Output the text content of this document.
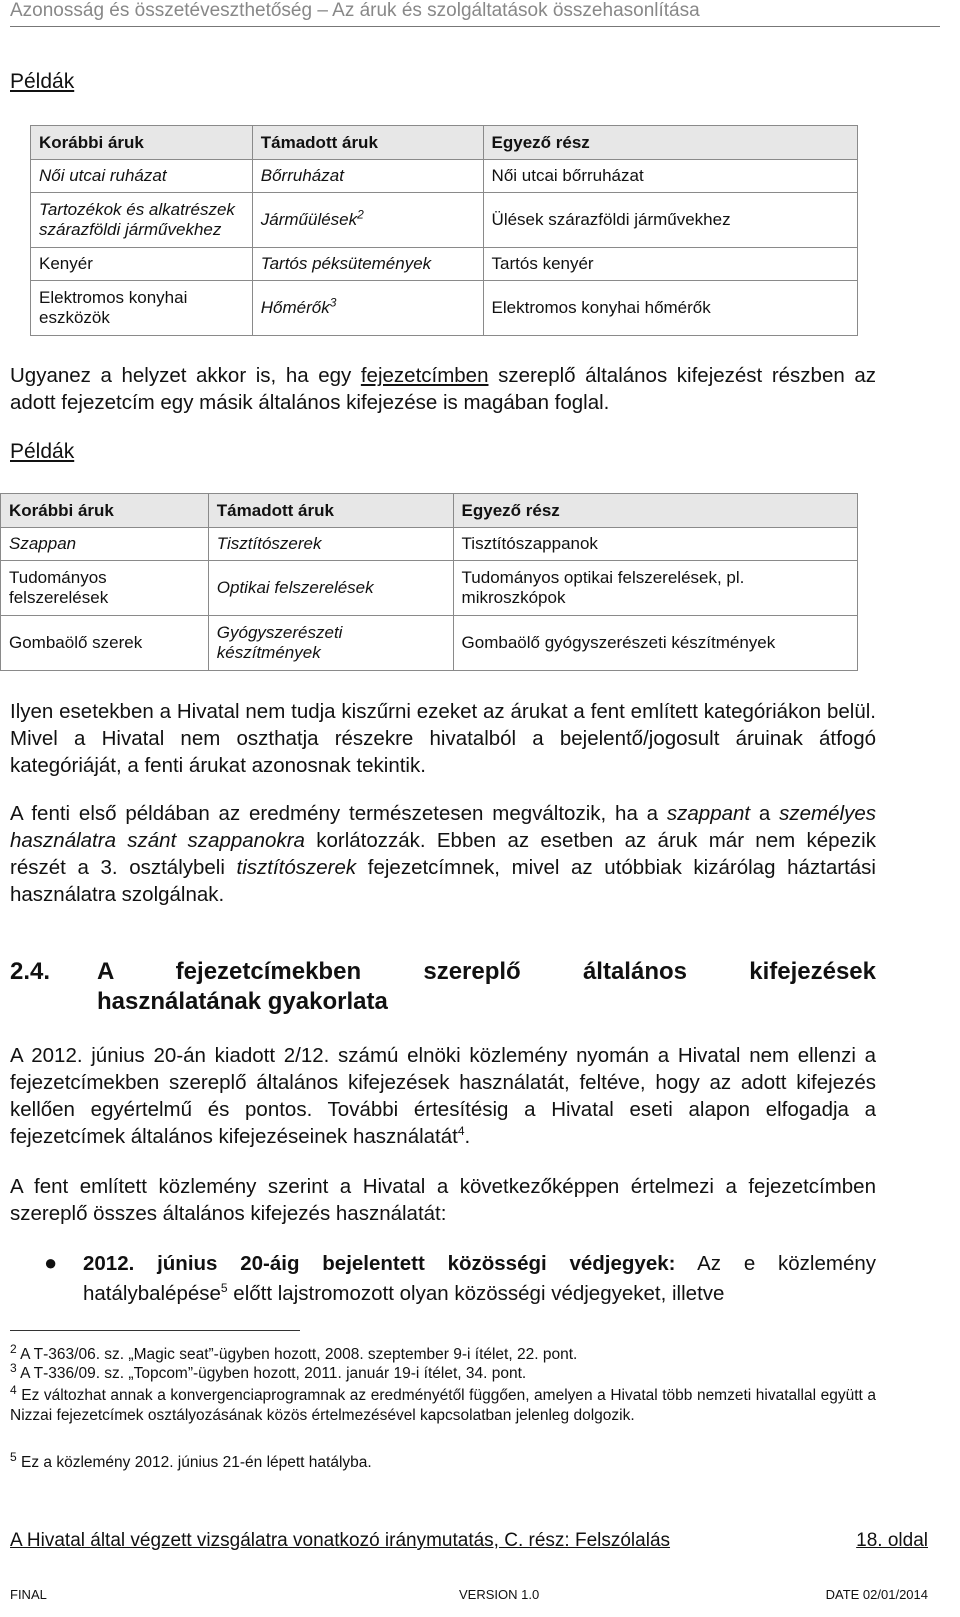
Azonosság és összetéveszthetőség – Az áruk és szolgáltatások összehasonlítása
Példák
Korábbi áruk	Támadott áruk	Egyező rész
Női utcai ruházat	Bőrruházat	Női utcai bőrruházat
Tartozékok és alkatrészek szárazföldi járművekhez	Járműülések$^2$	Ülések szárazföldi járművekhez
Kenyér	Tartós péksütemények	Tartós kenyér
Elektromos konyhai eszközök	Hőmérők$^3$	Elektromos konyhai hőmérők
Ugyanez a helyzet akkor is, ha egy fejezetcímben szereplő általános kifejezést részben az adott fejezetcím egy másik általános kifejezése is magában foglal.
Példák
Korábbi áruk	Támadott áruk	Egyező rész
Szappan	Tisztítószerek	Tisztítószappanok
Tudományos felszerelések	Optikai felszerelések	Tudományos optikai felszerelések, pl. mikroszkópok
Gombaölő szerek	Gyógyszerészeti készítmények	Gombaölő gyógyszerészeti készítmények
Ilyen esetekben a Hivatal nem tudja kiszűrni ezeket az árukat a fent említett kategóriákon belül. Mivel a Hivatal nem oszthatja részekre hivatalból a bejelentő/jogosult áruinak átfogó kategóriáját, a fenti árukat azonosnak tekintik.
A fenti első példában az eredmény természetesen megváltozik, ha a szappant a személyes használatra szánt szappanokra korlátozzák. Ebben az esetben az áruk már nem képezik részét a 3. osztálybeli tisztítószerek fejezetcímnek, mivel az utóbbiak kizárólag háztartási használatra szolgálnak.
2.4. A fejezetcímekben szereplő általános kifejezések
használatának gyakorlata
A 2012. június 20-án kiadott 2/12. számú elnöki közlemény nyomán a Hivatal nem ellenzi a fejezetcímekben szereplő általános kifejezések használatát, feltéve, hogy az adott kifejezés kellően egyértelmű és pontos. További értesítésig a Hivatal eseti alapon elfogadja a fejezetcímek általános kifejezéseinek használatát$^4$.
A fent említett közlemény szerint a Hivatal a következőképpen értelmezi a fejezetcímben szereplő összes általános kifejezés használatát:
● 2012. június 20-áig bejelentett közösségi védjegyek: Az e közlemény hatálybalépése$^5$ előtt lajstromozott olyan közösségi védjegyeket, illetve
$^2$ A T‑363/06. sz. „Magic seat”-ügyben hozott, 2008. szeptember 9-i ítélet, 22. pont.
$^3$ A T‑336/09. sz. „Topcom”-ügyben hozott, 2011. január 19-i ítélet, 34. pont.
$^4$ Ez változhat annak a konvergenciaprogramnak az eredményétől függően, amelyen a Hivatal több nemzeti hivatallal együtt a Nizzai fejezetcímek osztályozásának közös értelmezésével kapcsolatban jelenleg dolgozik.
$^5$ Ez a közlemény 2012. június 21-én lépett hatályba.
A Hivatal által végzett vizsgálatra vonatkozó iránymutatás, C. rész: Felszólalás	18. oldal
FINAL	VERSION 1.0	DATE 02/01/2014
